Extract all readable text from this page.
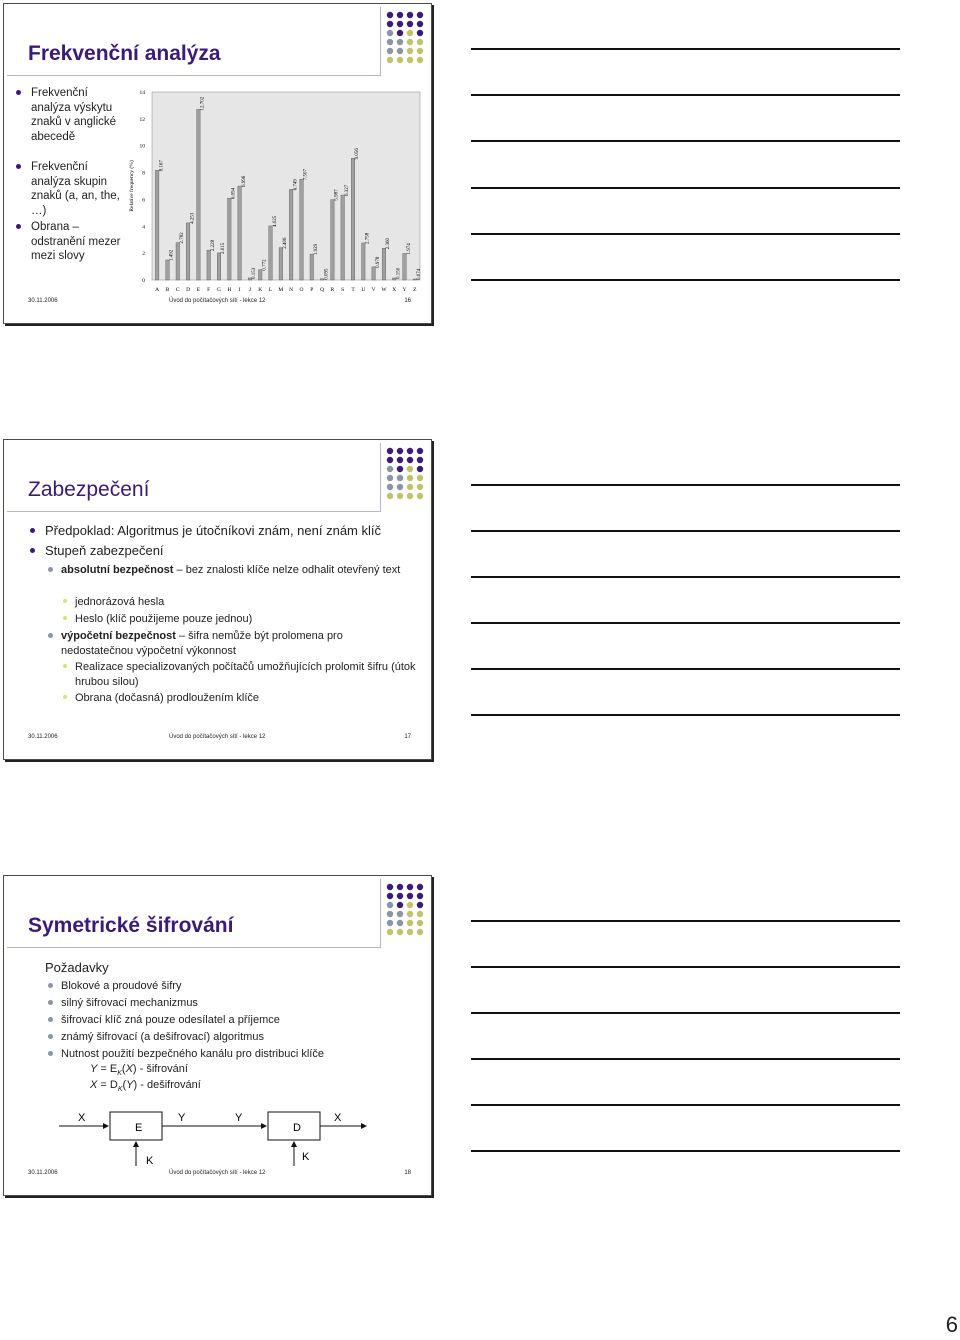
Frekvenční analýza
Frekvenční analýza výskytu znaků v anglické abecedě
Frekvenční analýza skupin znaků (a, an, the, …)
Obrana – odstranění mezer mezi slovy
0
2
4
6
8
10
12
14
Relative frequency (%)	8.167
A
1.492
B
2.782
C
4.253
D
12.702
E
2.228
F
2.015
G
6.094
H
6.996
I
0.153
J
0.772
K
4.025
L
2.406
M
6.749
N
7.507
O
1.929
P
0.095
Q
5.987
R
6.327
S
9.056
T
2.758
U
0.978
V
2.360
W
0.150
X
1.974
Y
0.074
Z
30.11.2006	Úvod do počítačových sítí - lekce 12	16
Zabezpečení
Předpoklad: Algoritmus je útočníkovi znám, není znám klíč
Stupeň zabezpečení
absolutní bezpečnost – bez znalosti klíče nelze odhalit otevřený text
jednorázová hesla
Heslo (klíč použijeme pouze jednou)
výpočetní bezpečnost – šifra nemůže být prolomena pro nedostatečnou výpočetní výkonnost
Realizace specializovaných počítačů umožňujících prolomit šifru (útok hrubou silou)
Obrana (dočasná) prodloužením klíče
30.11.2006	Úvod do počítačových sítí - lekce 12	17
Symetrické šifrování
Požadavky
Blokové a proudové šifry
silný šifrovací mechanizmus
šifrovací klíč zná pouze odesílatel a příjemce
známý šifrovací (a dešifrovací) algoritmus
Nutnost použití bezpečného kanálu pro distribuci klíče
$Y = E_K(X)$ - šifrování
$X = D_K(Y)$ - dešifrování
X
E
Y	Y
D
X
K	K
30.11.2006	Úvod do počítačových sítí - lekce 12	18
6
